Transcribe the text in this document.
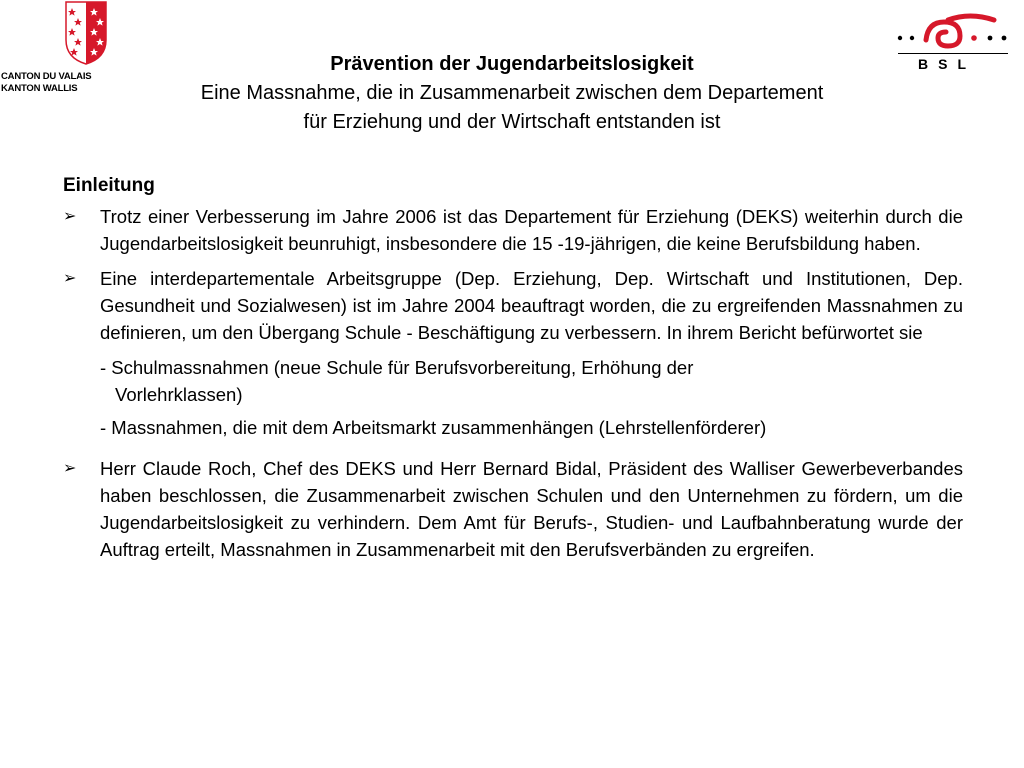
CANTON DU VALAIS
KANTON WALLIS
BSL
Prävention der Jugendarbeitslosigkeit
Eine Massnahme, die in Zusammenarbeit zwischen dem Departement
für Erziehung und der Wirtschaft entstanden ist
Einleitung
➢ Trotz einer Verbesserung im Jahre 2006 ist das Departement für Erziehung (DEKS) weiterhin durch die Jugendarbeitslosigkeit beunruhigt, insbesondere die 15 -19-jährigen, die keine Berufsbildung haben.
➢ Eine interdepartementale Arbeitsgruppe (Dep. Erziehung, Dep. Wirtschaft und Institutionen, Dep. Gesundheit und Sozialwesen) ist im Jahre 2004 beauftragt worden, die zu ergreifenden Massnahmen zu definieren, um den Übergang Schule - Beschäftigung zu verbessern. In ihrem Bericht befürwortet sie
- Schulmassnahmen (neue Schule für Berufsvorbereitung, Erhöhung der
Vorlehrklassen)
- Massnahmen, die mit dem Arbeitsmarkt zusammenhängen (Lehrstellenförderer)
➢ Herr Claude Roch, Chef des DEKS und Herr Bernard Bidal, Präsident des Walliser Gewerbeverbandes haben beschlossen, die Zusammenarbeit zwischen Schulen und den Unternehmen zu fördern, um die Jugendarbeitslosigkeit zu verhindern. Dem Amt für Berufs-, Studien- und Laufbahnberatung wurde der Auftrag erteilt, Massnahmen in Zusammenarbeit mit den Berufsverbänden zu ergreifen.
